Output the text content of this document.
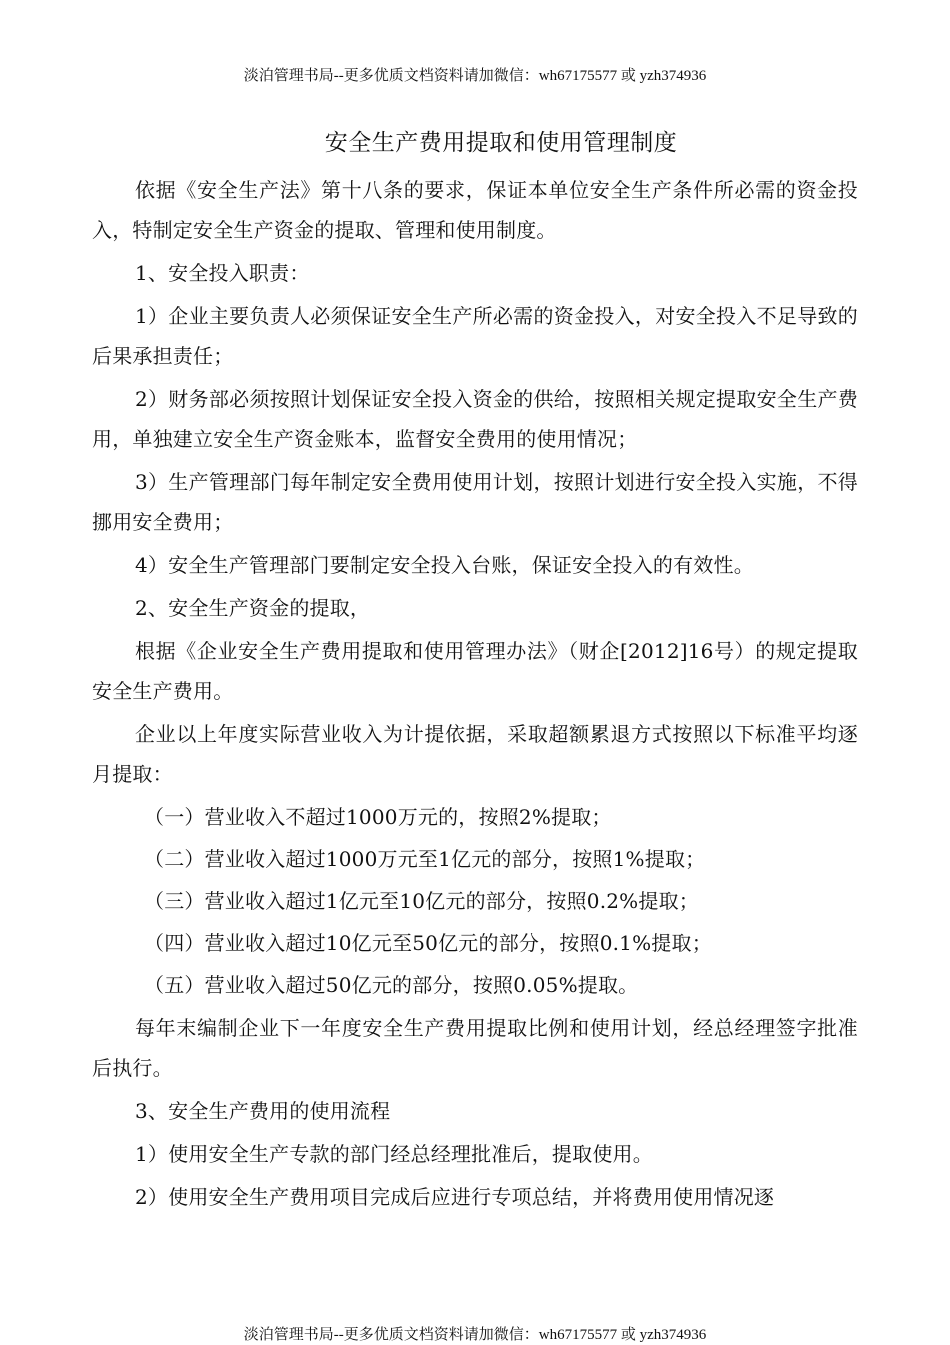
淡泊管理书局--更多优质文档资料请加微信：wh67175577 或 yzh374936
安全生产费用提取和使用管理制度

依据《安全生产法》第十八条的要求，保证本单位安全生产条件所必需的资金投入，特制定安全生产资金的提取、管理和使用制度。

1、安全投入职责：

1）企业主要负责人必须保证安全生产所必需的资金投入，对安全投入不足导致的后果承担责任；

2）财务部必须按照计划保证安全投入资金的供给，按照相关规定提取安全生产费用，单独建立安全生产资金账本，监督安全费用的使用情况；

3）生产管理部门每年制定安全费用使用计划，按照计划进行安全投入实施，不得挪用安全费用；

4）安全生产管理部门要制定安全投入台账，保证安全投入的有效性。

2、安全生产资金的提取，

根据《企业安全生产费用提取和使用管理办法》（财企[2012]16号）的规定提取安全生产费用。

企业以上年度实际营业收入为计提依据，采取超额累退方式按照以下标准平均逐月提取：

（一）营业收入不超过1000万元的，按照2%提取；

（二）营业收入超过1000万元至1亿元的部分，按照1%提取；

（三）营业收入超过1亿元至10亿元的部分，按照0.2%提取；

（四）营业收入超过10亿元至50亿元的部分，按照0.1%提取；

（五）营业收入超过50亿元的部分，按照0.05%提取。

每年末编制企业下一年度安全生产费用提取比例和使用计划，经总经理签字批准后执行。

3、安全生产费用的使用流程

1）使用安全生产专款的部门经总经理批准后，提取使用。

2）使用安全生产费用项目完成后应进行专项总结，并将费用使用情况逐

淡泊管理书局--更多优质文档资料请加微信：wh67175577 或 yzh374936
